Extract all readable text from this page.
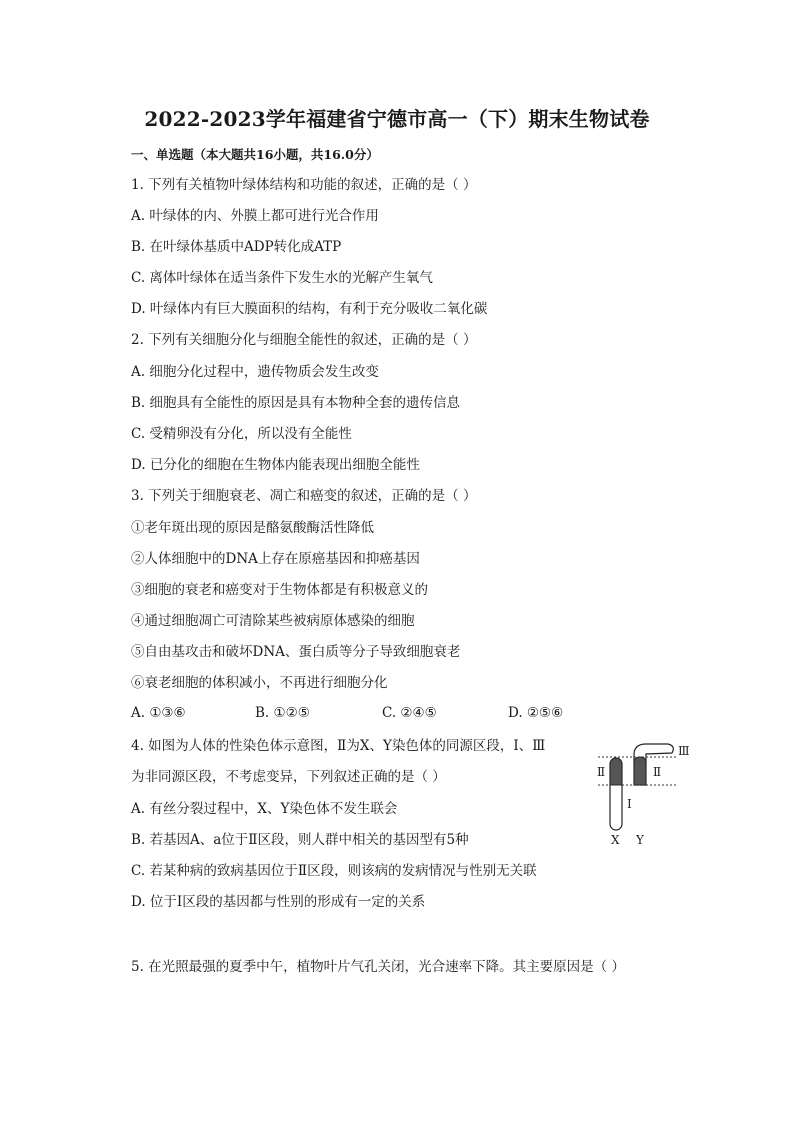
2022-2023学年福建省宁德市高一（下）期末生物试卷
一、单选题（本大题共16小题，共16.0分）
1. 下列有关植物叶绿体结构和功能的叙述，正确的是（ ）
A. 叶绿体的内、外膜上都可进行光合作用
B. 在叶绿体基质中ADP转化成ATP
C. 离体叶绿体在适当条件下发生水的光解产生氧气
D. 叶绿体内有巨大膜面积的结构，有利于充分吸收二氧化碳
2. 下列有关细胞分化与细胞全能性的叙述，正确的是（ ）
A. 细胞分化过程中，遗传物质会发生改变
B. 细胞具有全能性的原因是具有本物种全套的遗传信息
C. 受精卵没有分化，所以没有全能性
D. 已分化的细胞在生物体内能表现出细胞全能性
3. 下列关于细胞衰老、凋亡和癌变的叙述，正确的是（ ）
①老年斑出现的原因是酪氨酸酶活性降低
②人体细胞中的DNA上存在原癌基因和抑癌基因
③细胞的衰老和癌变对于生物体都是有积极意义的
④通过细胞凋亡可清除某些被病原体感染的细胞
⑤自由基攻击和破坏DNA、蛋白质等分子导致细胞衰老
⑥衰老细胞的体积减小，不再进行细胞分化
A. ①③⑥	B. ①②⑤	C. ②④⑤	D. ②⑤⑥
4. 如图为人体的性染色体示意图，Ⅱ为X、Y染色体的同源区段，Ⅰ、Ⅲ
为非同源区段，不考虑变异，下列叙述正确的是（ ）
A. 有丝分裂过程中，X、Y染色体不发生联会
B. 若基因A、a位于Ⅱ区段，则人群中相关的基因型有5种
C. 若某种病的致病基因位于Ⅱ区段，则该病的发病情况与性别无关联
D. 位于Ⅰ区段的基因都与性别的形成有一定的关系
Ⅲ
Ⅱ	Ⅱ
Ⅰ
X Y
5. 在光照最强的夏季中午，植物叶片气孔关闭，光合速率下降。其主要原因是（ ）
